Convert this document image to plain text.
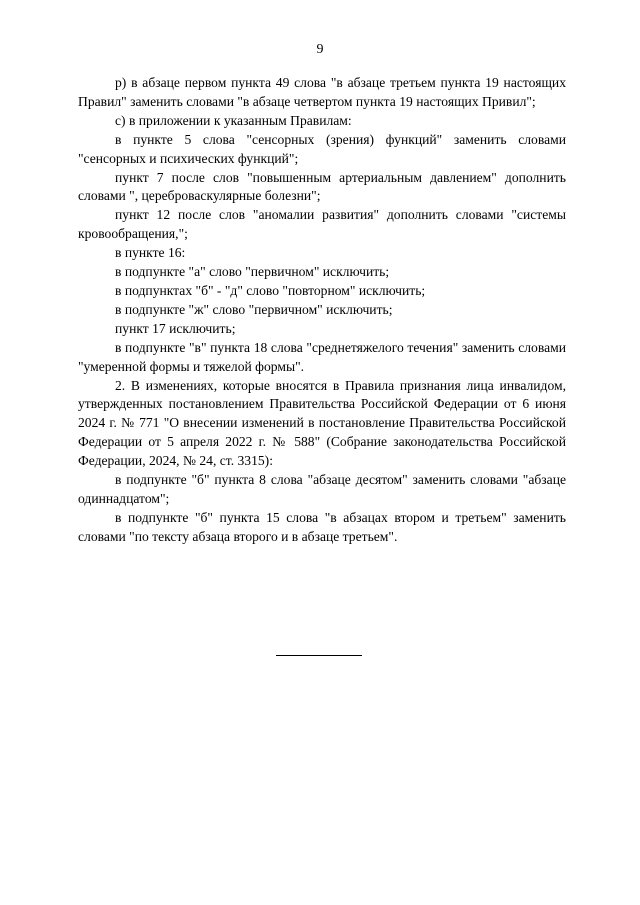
9

р) в абзаце первом пункта 49 слова "в абзаце третьем пункта 19 настоящих Правил" заменить словами "в абзаце четвертом пункта 19 настоящих Привил";

с) в приложении к указанным Правилам:

в пункте 5 слова "сенсорных (зрения) функций" заменить словами "сенсорных и психических функций";

пункт 7 после слов "повышенным артериальным давлением" дополнить словами ", цереброваскулярные болезни";

пункт 12 после слов "аномалии развития" дополнить словами "системы кровообращения,";

в пункте 16:

в подпункте "а" слово "первичном" исключить;

в подпунктах "б" - "д" слово "повторном" исключить;

в подпункте "ж" слово "первичном" исключить;

пункт 17 исключить;

в подпункте "в" пункта 18 слова "среднетяжелого течения" заменить словами "умеренной формы и тяжелой формы".

2. В изменениях, которые вносятся в Правила признания лица инвалидом, утвержденных постановлением Правительства Российской Федерации от 6 июня 2024 г. № 771 "О внесении изменений в постановление Правительства Российской Федерации от 5 апреля 2022 г. № 588" (Собрание законодательства Российской Федерации, 2024, № 24, ст. 3315):

в подпункте "б" пункта 8 слова "абзаце десятом" заменить словами "абзаце одиннадцатом";

в подпункте "б" пункта 15 слова "в абзацах втором и третьем" заменить словами "по тексту абзаца второго и в абзаце третьем".
